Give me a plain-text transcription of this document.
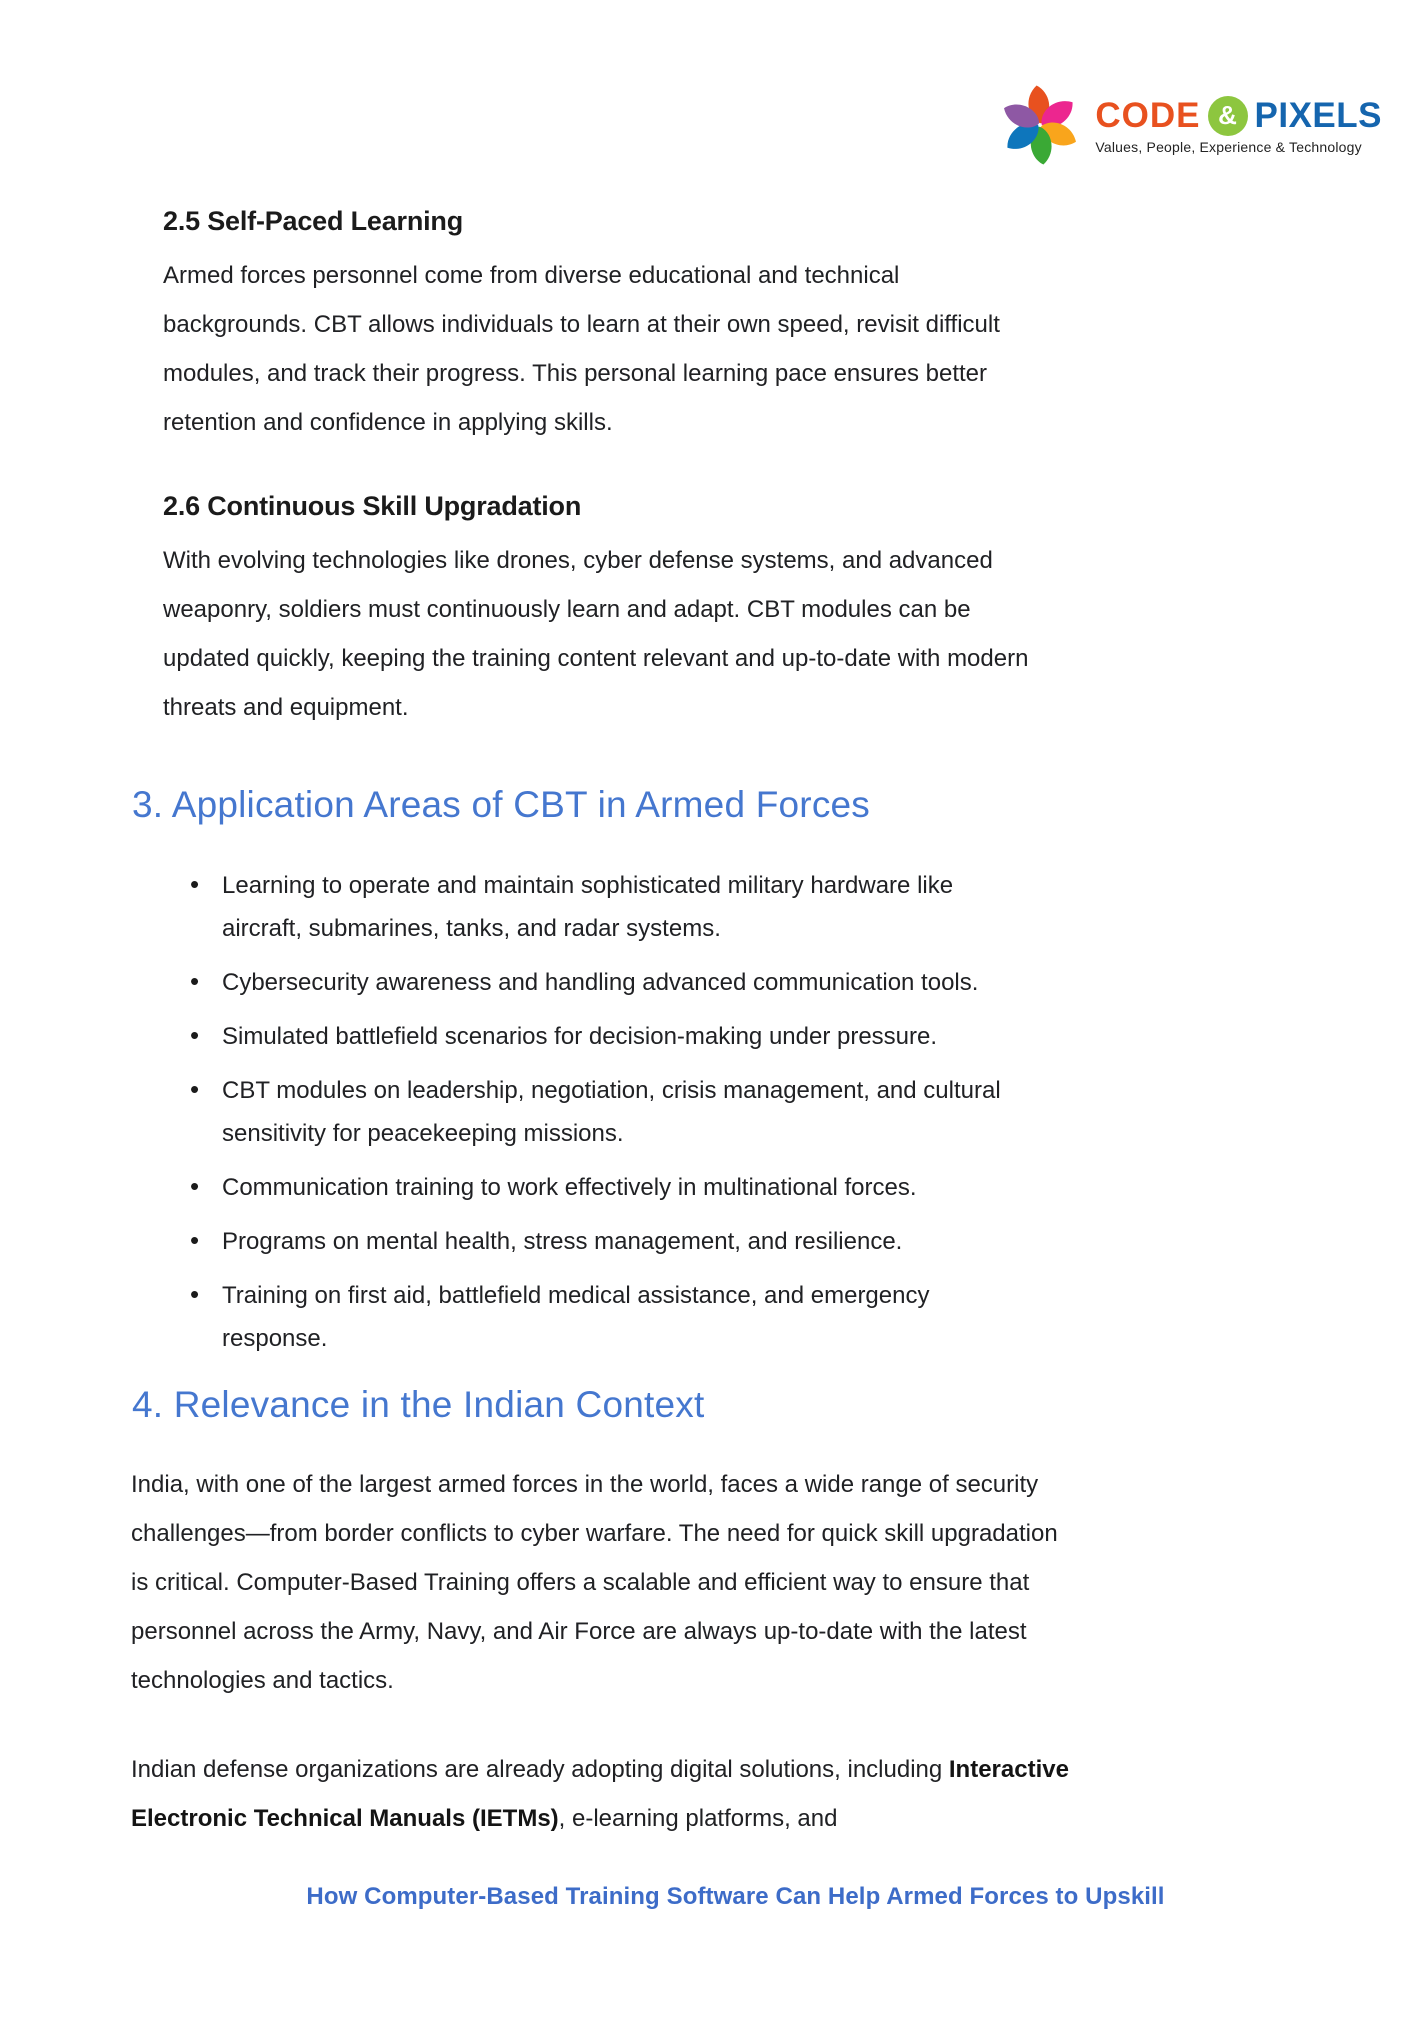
CODE & PIXELS
Values, People, Experience & Technology
2.5 Self-Paced Learning

Armed forces personnel come from diverse educational and technical backgrounds. CBT allows individuals to learn at their own speed, revisit difficult modules, and track their progress. This personal learning pace ensures better retention and confidence in applying skills.

2.6 Continuous Skill Upgradation

With evolving technologies like drones, cyber defense systems, and advanced weaponry, soldiers must continuously learn and adapt. CBT modules can be updated quickly, keeping the training content relevant and up-to-date with modern threats and equipment.

3. Application Areas of CBT in Armed Forces
• Learning to operate and maintain sophisticated military hardware like aircraft, submarines, tanks, and radar systems.
• Cybersecurity awareness and handling advanced communication tools.
• Simulated battlefield scenarios for decision-making under pressure.
• CBT modules on leadership, negotiation, crisis management, and cultural sensitivity for peacekeeping missions.
• Communication training to work effectively in multinational forces.
• Programs on mental health, stress management, and resilience.
• Training on first aid, battlefield medical assistance, and emergency response.
4. Relevance in the Indian Context

India, with one of the largest armed forces in the world, faces a wide range of security challenges—from border conflicts to cyber warfare. The need for quick skill upgradation is critical. Computer-Based Training offers a scalable and efficient way to ensure that personnel across the Army, Navy, and Air Force are always up-to-date with the latest technologies and tactics.

Indian defense organizations are already adopting digital solutions, including Interactive Electronic Technical Manuals (IETMs), e-learning platforms, and

How Computer-Based Training Software Can Help Armed Forces to Upskill
